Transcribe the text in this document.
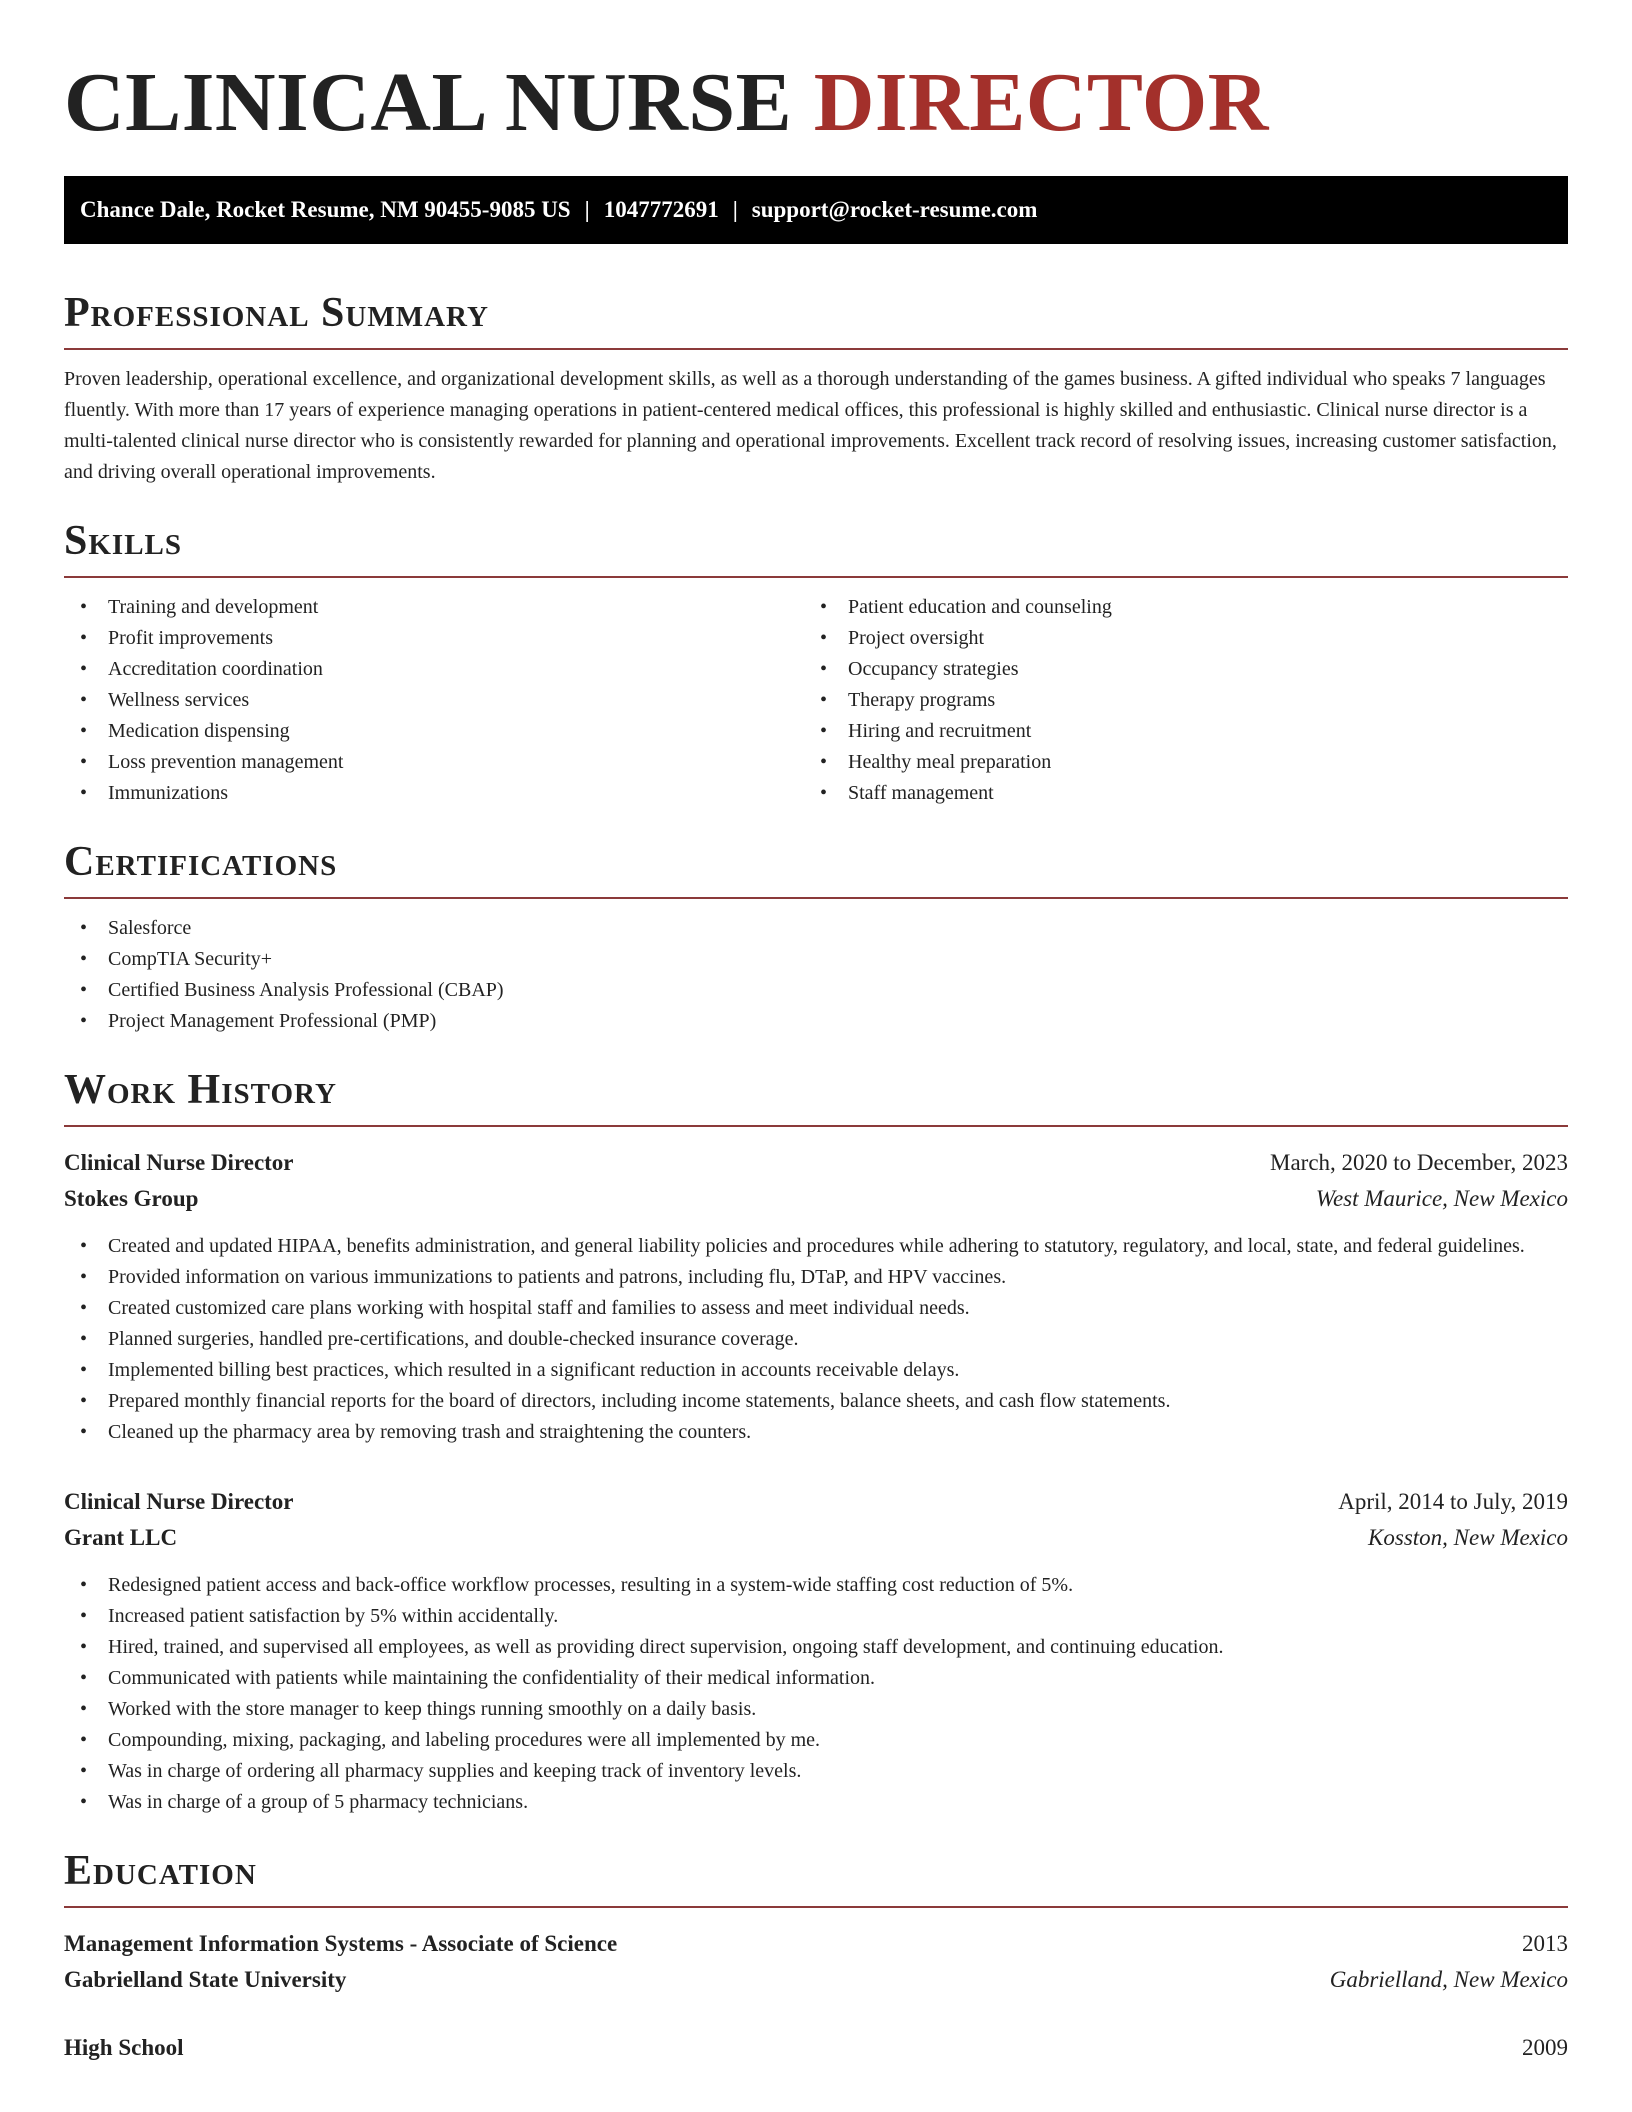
CLINICAL NURSE DIRECTOR
Chance Dale, Rocket Resume, NM 90455-9085 US | 1047772691 | support@rocket-resume.com
Professional Summary

Proven leadership, operational excellence, and organizational development skills, as well as a thorough understanding of the games business. A gifted individual who speaks 7 languages fluently. With more than 17 years of experience managing operations in patient-centered medical offices, this professional is highly skilled and enthusiastic. Clinical nurse director is a multi-talented clinical nurse director who is consistently rewarded for planning and operational improvements. Excellent track record of resolving issues, increasing customer satisfaction, and driving overall operational improvements.

Skills
• Training and development
• Profit improvements
• Accreditation coordination
• Wellness services
• Medication dispensing
• Loss prevention management
• Immunizations
• Patient education and counseling
• Project oversight
• Occupancy strategies
• Therapy programs
• Hiring and recruitment
• Healthy meal preparation
• Staff management
Certifications
• Salesforce
• CompTIA Security+
• Certified Business Analysis Professional (CBAP)
• Project Management Professional (PMP)
Work History
Clinical Nurse Director	March, 2020 to December, 2023
Stokes Group	West Maurice, New Mexico
• Created and updated HIPAA, benefits administration, and general liability policies and procedures while adhering to statutory, regulatory, and local, state, and federal guidelines.
• Provided information on various immunizations to patients and patrons, including flu, DTaP, and HPV vaccines.
• Created customized care plans working with hospital staff and families to assess and meet individual needs.
• Planned surgeries, handled pre-certifications, and double-checked insurance coverage.
• Implemented billing best practices, which resulted in a significant reduction in accounts receivable delays.
• Prepared monthly financial reports for the board of directors, including income statements, balance sheets, and cash flow statements.
• Cleaned up the pharmacy area by removing trash and straightening the counters.
Clinical Nurse Director	April, 2014 to July, 2019
Grant LLC	Kosston, New Mexico
• Redesigned patient access and back-office workflow processes, resulting in a system-wide staffing cost reduction of 5%.
• Increased patient satisfaction by 5% within accidentally.
• Hired, trained, and supervised all employees, as well as providing direct supervision, ongoing staff development, and continuing education.
• Communicated with patients while maintaining the confidentiality of their medical information.
• Worked with the store manager to keep things running smoothly on a daily basis.
• Compounding, mixing, packaging, and labeling procedures were all implemented by me.
• Was in charge of ordering all pharmacy supplies and keeping track of inventory levels.
• Was in charge of a group of 5 pharmacy technicians.
Education
Management Information Systems - Associate of Science	2013
Gabrielland State University	Gabrielland, New Mexico
High School	2009
